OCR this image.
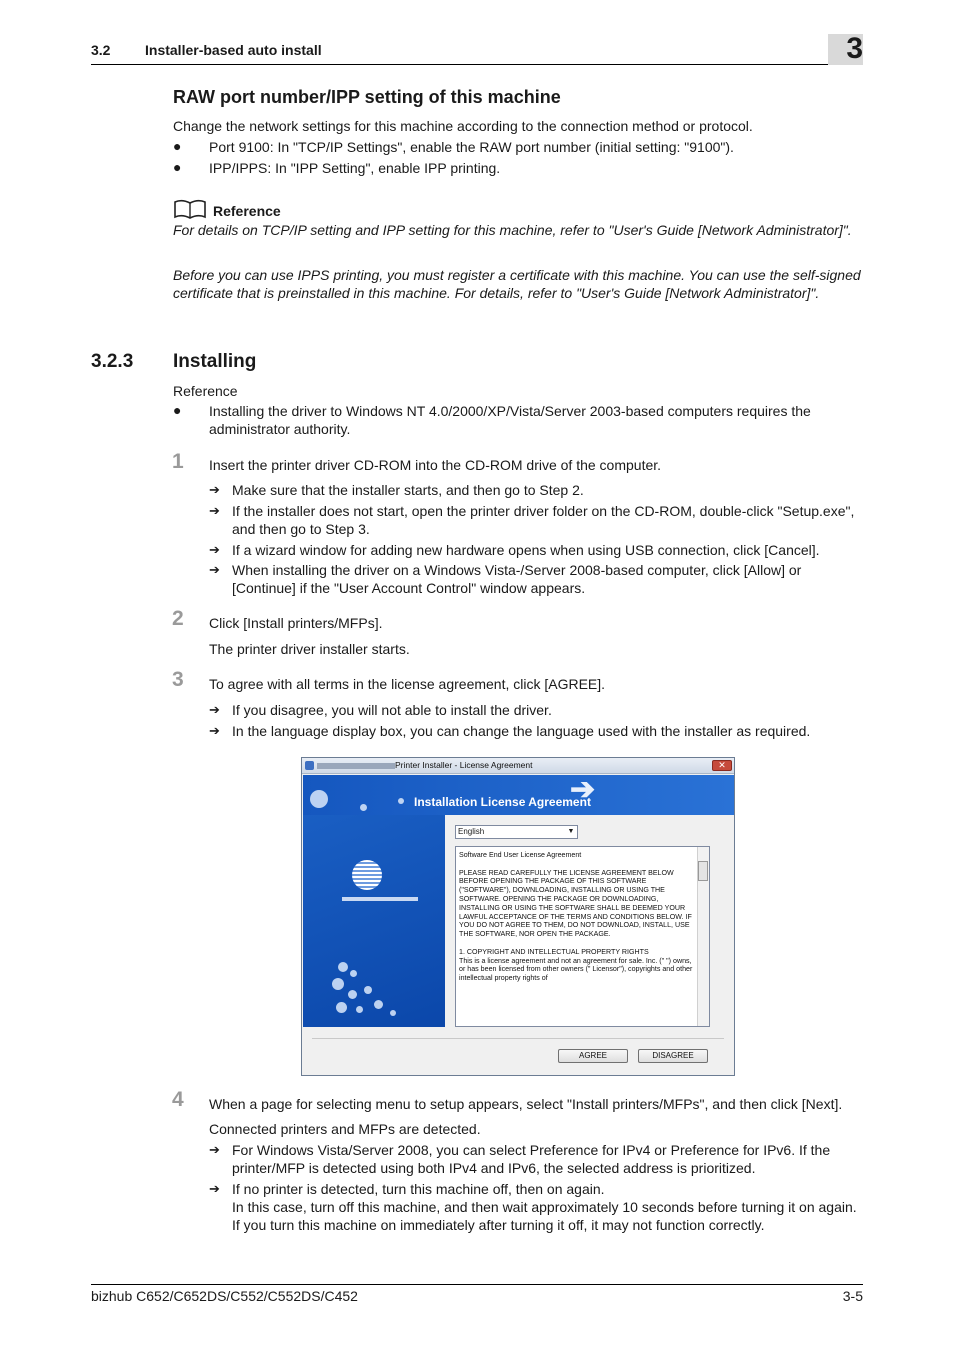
3.2 Installer-based auto install	3
RAW port number/IPP setting of this machine
Change the network settings for this machine according to the connection method or protocol.
● Port 9100: In "TCP/IP Settings", enable the RAW port number (initial setting: "9100").
● IPP/IPPS: In "IPP Setting", enable IPP printing.
Reference
For details on TCP/IP setting and IPP setting for this machine, refer to "User's Guide [Network Administrator]".
Before you can use IPPS printing, you must register a certificate with this machine. You can use the self-signed certificate that is preinstalled in this machine. For details, refer to "User's Guide [Network Administrator]".
3.2.3 Installing
Reference
● Installing the driver to Windows NT 4.0/2000/XP/Vista/Server 2003-based computers requires the administrator authority.
1 Insert the printer driver CD-ROM into the CD-ROM drive of the computer.
➔ Make sure that the installer starts, and then go to Step 2.
➔ If the installer does not start, open the printer driver folder on the CD-ROM, double-click "Setup.exe", and then go to Step 3.
➔ If a wizard window for adding new hardware opens when using USB connection, click [Cancel].
➔ When installing the driver on a Windows Vista-/Server 2008-based computer, click [Allow] or [Continue] if the "User Account Control" window appears.
2 Click [Install printers/MFPs].
The printer driver installer starts.
3 To agree with all terms in the license agreement, click [AGREE].
➔ If you disagree, you will not able to install the driver.
➔ In the language display box, you can change the language used with the installer as required.
Printer Installer - License Agreement	✕
➔
Installation License Agreement
English	▼
Software End User License Agreement

PLEASE READ CAREFULLY THE LICENSE AGREEMENT BELOW BEFORE OPENING THE PACKAGE OF THIS SOFTWARE ("SOFTWARE"), DOWNLOADING, INSTALLING OR USING THE SOFTWARE. OPENING THE PACKAGE OR DOWNLOADING, INSTALLING OR USING THE SOFTWARE SHALL BE DEEMED YOUR LAWFUL ACCEPTANCE OF THE TERMS AND CONDITIONS BELOW. IF YOU DO NOT AGREE TO THEM, DO NOT DOWNLOAD, INSTALL, USE THE SOFTWARE, NOR OPEN THE PACKAGE.

1. COPYRIGHT AND INTELLECTUAL PROPERTY RIGHTS
This is a license agreement and not an agreement for sale. Inc. (" ") owns, or has been licensed from other owners (" Licensor"), copyrights and other intellectual property rights of
AGREE	DISAGREE
4 When a page for selecting menu to setup appears, select "Install printers/MFPs", and then click [Next].
Connected printers and MFPs are detected.
➔ For Windows Vista/Server 2008, you can select Preference for IPv4 or Preference for IPv6. If the printer/MFP is detected using both IPv4 and IPv6, the selected address is prioritized.
➔ If no printer is detected, turn this machine off, then on again.
In this case, turn off this machine, and then wait approximately 10 seconds before turning it on again. If you turn this machine on immediately after turning it off, it may not function correctly.
bizhub C652/C652DS/C552/C552DS/C452	3-5
